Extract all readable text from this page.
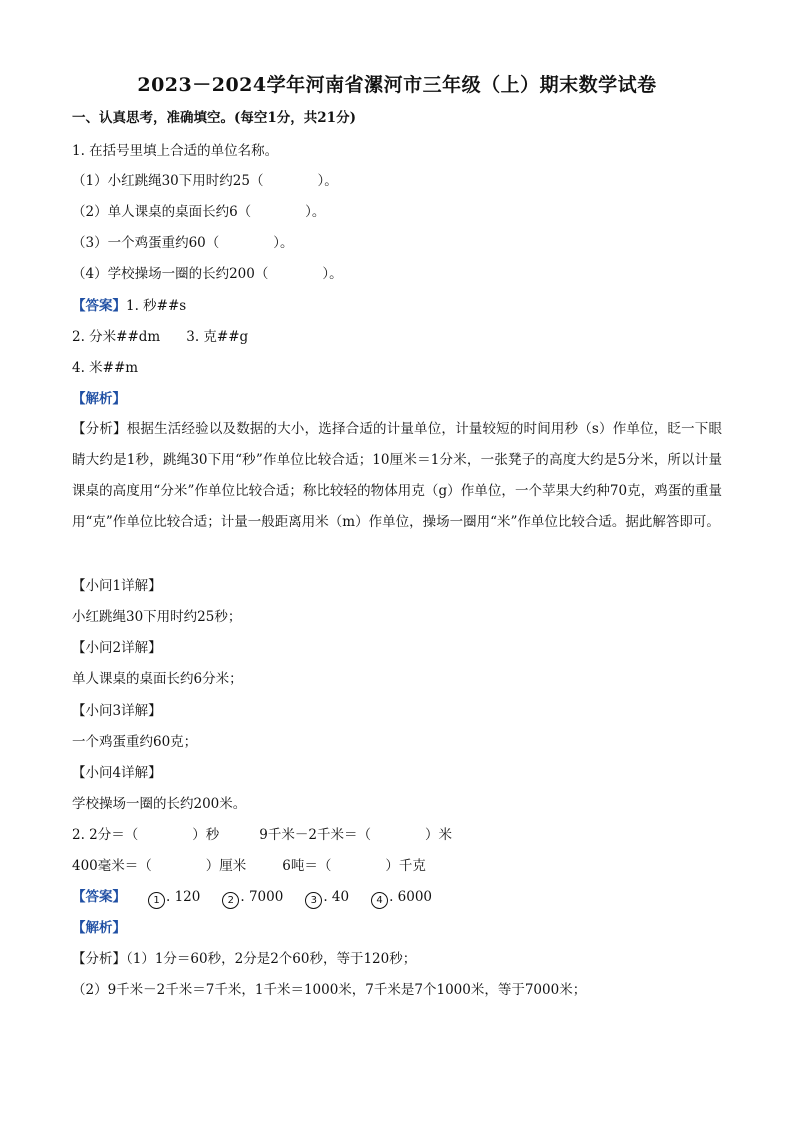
2023－2024学年河南省漯河市三年级（上）期末数学试卷
一、认真思考，准确填空。(每空1分，共21分)
1. 在括号里填上合适的单位名称。
（1）小红跳绳30下用时约25（　　　　）。
（2）单人课桌的桌面长约6（　　　　）。
（3）一个鸡蛋重约60（　　　　）。
（4）学校操场一圈的长约200（　　　　）。
【答案】1. 秒##s
2. 分米##dm 3. 克##g
4. 米##m
【解析】
【分析】根据生活经验以及数据的大小，选择合适的计量单位，计量较短的时间用秒（s）作单位，眨一下眼睛大约是1秒，跳绳30下用“秒”作单位比较合适；10厘米＝1分米，一张凳子的高度大约是5分米，所以计量课桌的高度用“分米”作单位比较合适；称比较轻的物体用克（g）作单位，一个苹果大约种70克，鸡蛋的重量用“克”作单位比较合适；计量一般距离用米（m）作单位，操场一圈用“米”作单位比较合适。据此解答即可。
【小问1详解】
小红跳绳30下用时约25秒；
【小问2详解】
单人课桌的桌面长约6分米；
【小问3详解】
一个鸡蛋重约60克；
【小问4详解】
学校操场一圈的长约200米。
2. 2分＝（　　　　）秒	9千米－2千米＝（　　　　）米
400毫米＝（　　　　）厘米	6吨＝（　　　　）千克
【答案】	1 . 120	2 . 7000	3 . 40	4 . 6000
【解析】
【分析】（1）1分＝60秒，2分是2个60秒，等于120秒；
（2）9千米－2千米＝7千米，1千米＝1000米，7千米是7个1000米，等于7000米；
